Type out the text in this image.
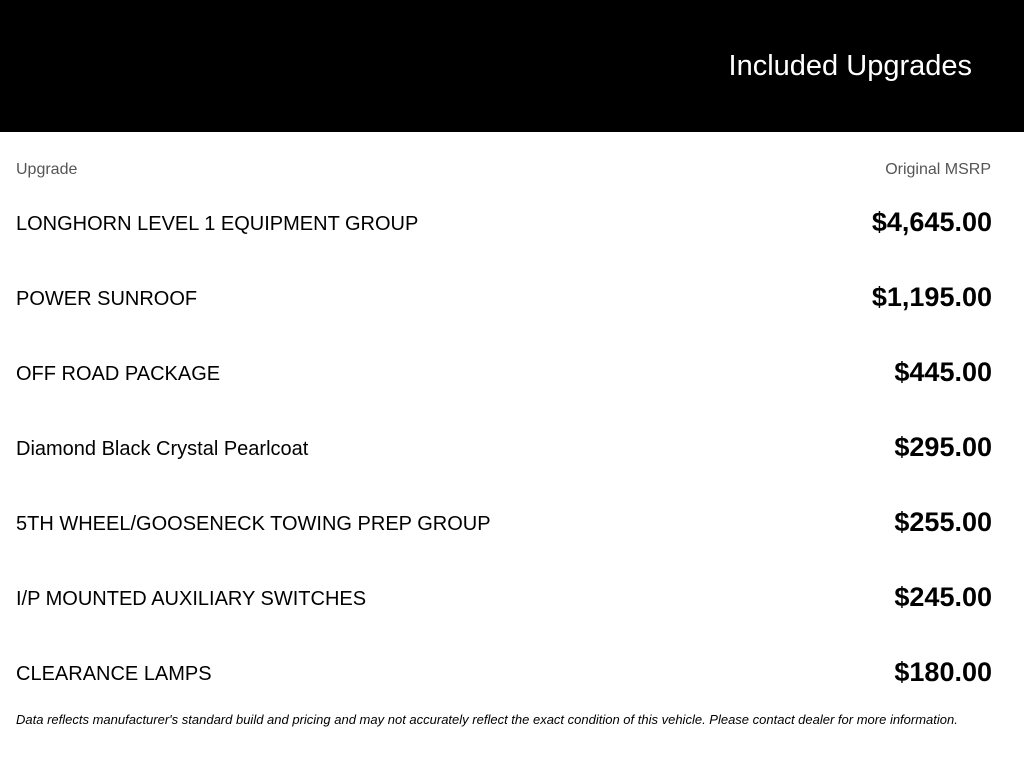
Included Upgrades
Upgrade	Original MSRP
LONGHORN LEVEL 1 EQUIPMENT GROUP	$4,645.00
POWER SUNROOF	$1,195.00
OFF ROAD PACKAGE	$445.00
Diamond Black Crystal Pearlcoat	$295.00
5TH WHEEL/GOOSENECK TOWING PREP GROUP	$255.00
I/P MOUNTED AUXILIARY SWITCHES	$245.00
CLEARANCE LAMPS	$180.00
Data reflects manufacturer's standard build and pricing and may not accurately reflect the exact condition of this vehicle. Please contact dealer for more information.
